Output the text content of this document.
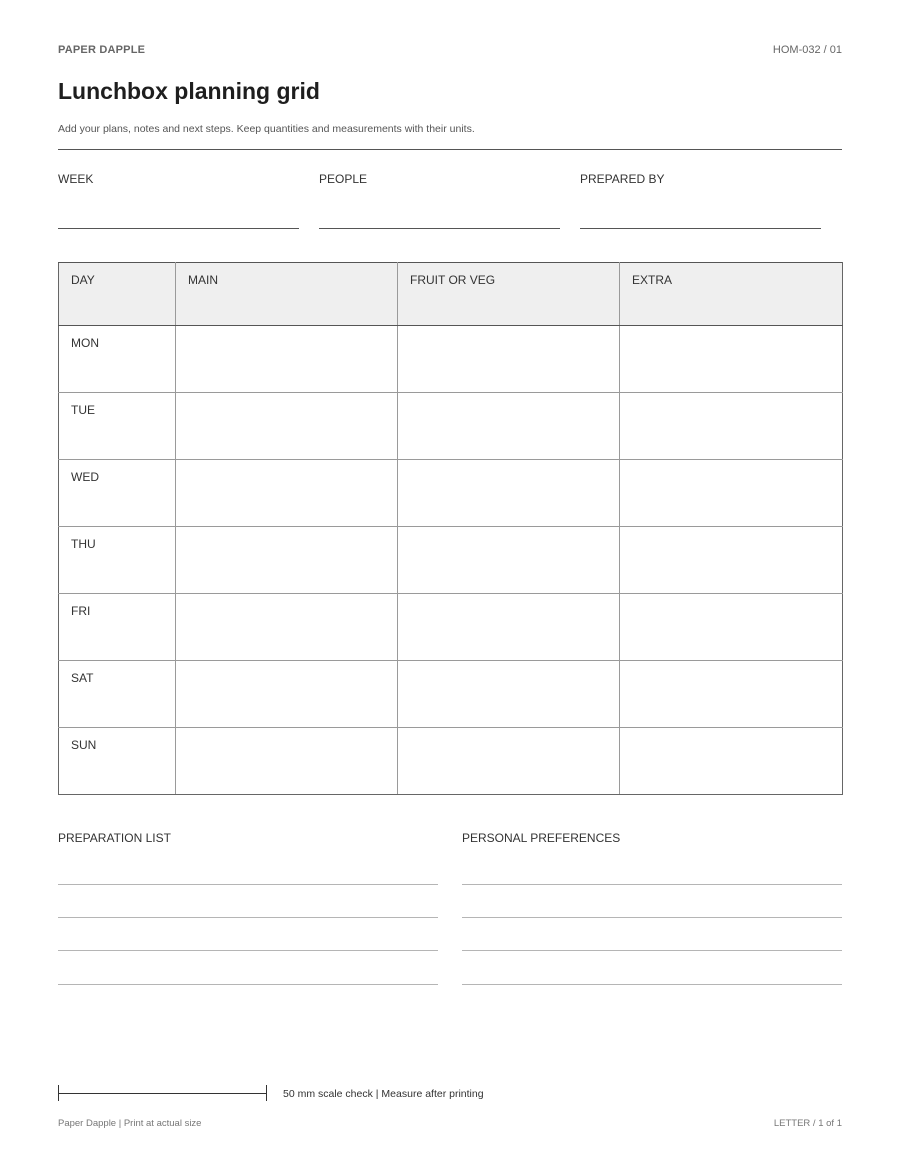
PAPER DAPPLE	HOM-032 / 01
Lunchbox planning grid
Add your plans, notes and next steps. Keep quantities and measurements with their units.
WEEK	PEOPLE	PREPARED BY
DAY	MAIN	FRUIT OR VEG	EXTRA
MON			
TUE			
WED			
THU			
FRI			
SAT			
SUN			
PREPARATION LIST	PERSONAL PREFERENCES
50 mm scale check | Measure after printing
Paper Dapple | Print at actual size	LETTER / 1 of 1
